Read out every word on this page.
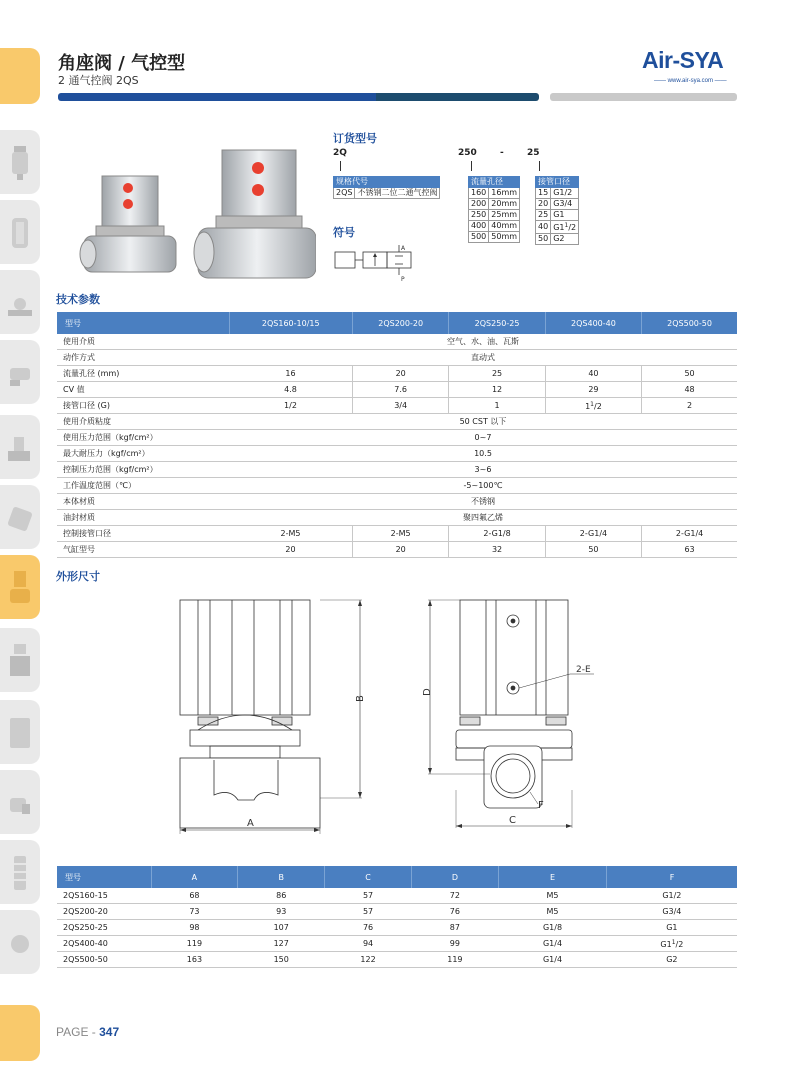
角座阀 / 气控型
2 通气控阀 2QS
Air-SYA
—— www.air-sya.com ——
订货型号
2Q	250	-	25
规格代号
2QS	不锈钢二位二通气控阀
流量孔径	
160	16mm
200	20mm
250	25mm
400	40mm
500	50mm
接管口径	
15	G1/2
20	G3/4
25	G1
40	$G1^1/2$
50	G2
符号
A
P
技术参数
型号	2QS160-10/15	2QS200-20	2QS250-25	2QS400-40	2QS500-50
使用介质	空气、水、油、瓦斯				
动作方式	直动式				
流量孔径 (mm)	16	20	25	40	50
CV 值	4.8	7.6	12	29	48
接管口径 (G)	1/2	3/4	1	$1^1/2$	2
使用介质粘度	50 CST 以下				
使用压力范围（kgf/cm²）	0~7				
最大耐压力（kgf/cm²）	10.5				
控制压力范围（kgf/cm²）	3~6				
工作温度范围（℃）	-5~100℃				
本体材质	不锈钢				
油封材质	聚四氟乙烯				
控制接管口径	2-M5	2-M5	2-G1/8	2-G1/4	2-G1/4
气缸型号	20	20	32	50	63
外形尺寸
B
A
D
C
2-E
F
型号	A	B	C	D	E	F
2QS160-15	68	86	57	72	M5	G1/2
2QS200-20	73	93	57	76	M5	G3/4
2QS250-25	98	107	76	87	G1/8	G1
2QS400-40	119	127	94	99	G1/4	$G1^1/2$
2QS500-50	163	150	122	119	G1/4	G2
PAGE - 347
